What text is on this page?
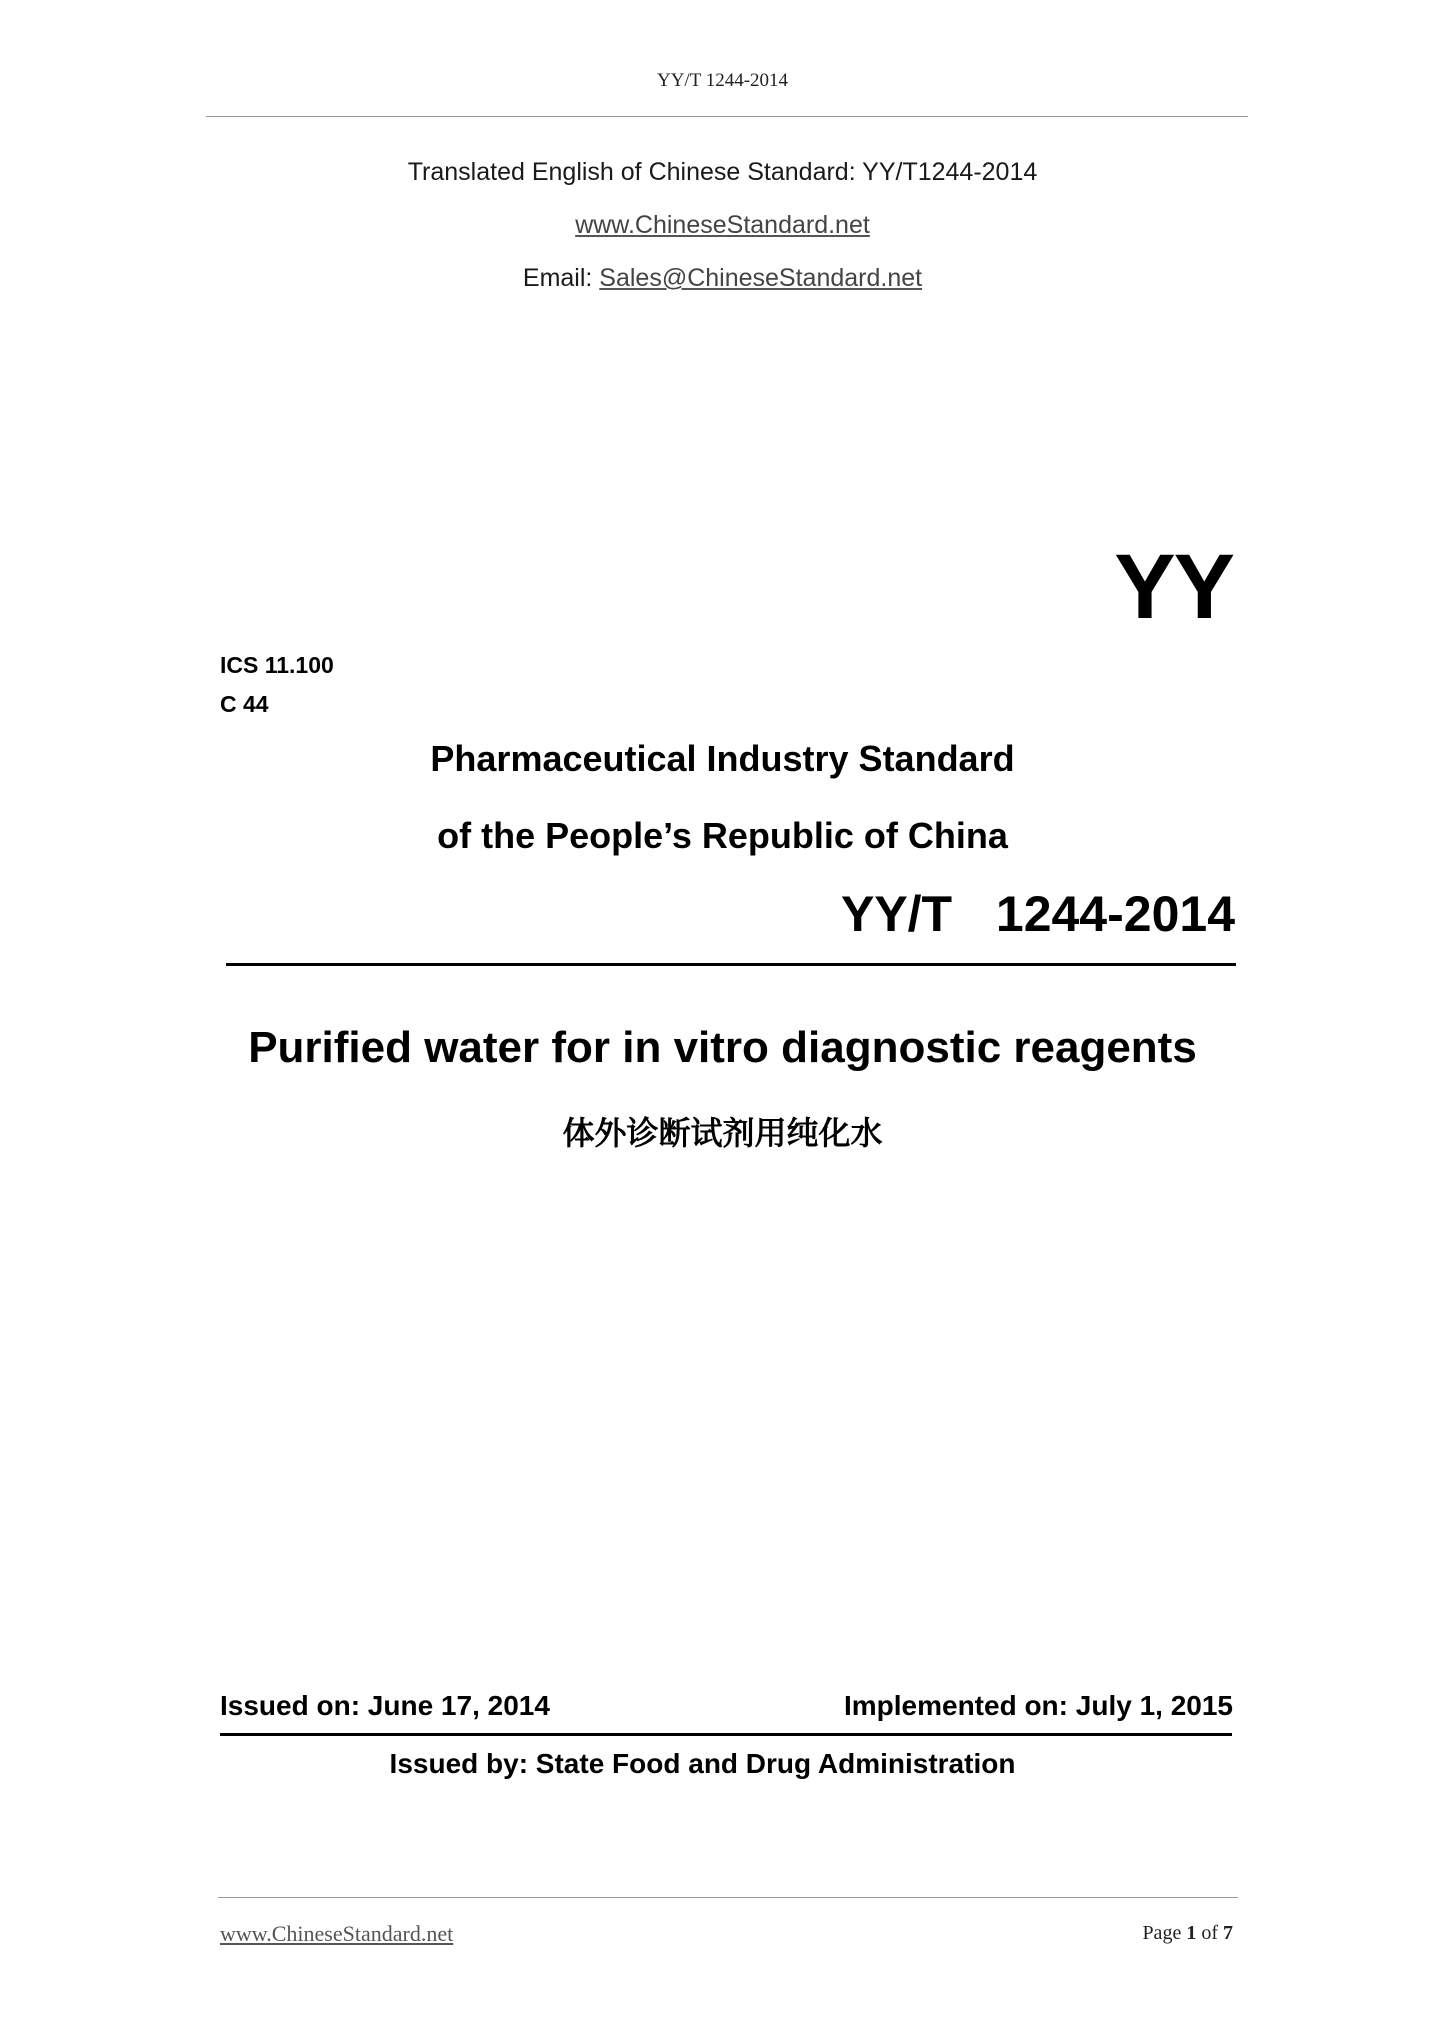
YY/T 1244-2014
Translated English of Chinese Standard: YY/T1244-2014
www.ChineseStandard.net
Email: Sales@ChineseStandard.net
YY
ICS 11.100
C 44
Pharmaceutical Industry Standard
of the People’s Republic of China
YY/T  1244-2014
Purified water for in vitro diagnostic reagents
体外诊断试剂用纯化水
Issued on: June 17, 2014	Implemented on: July 1, 2015
Issued by: State Food and Drug Administration
www.ChineseStandard.net	Page 1 of 7
